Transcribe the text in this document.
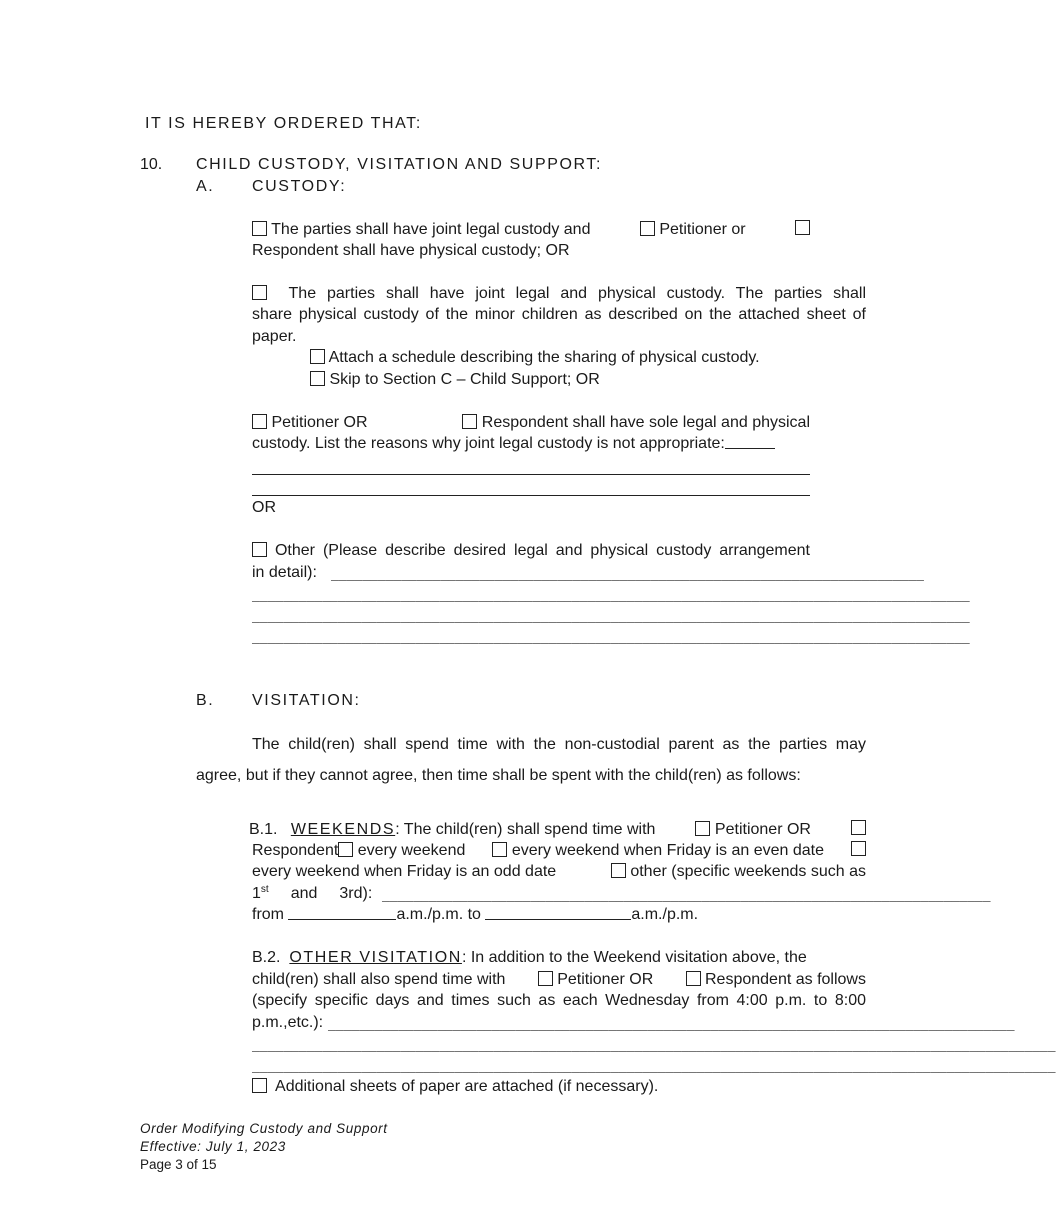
IT IS HEREBY ORDERED THAT:
10. CHILD CUSTODY, VISITATION AND SUPPORT:
A. CUSTODY:
The parties shall have joint legal custody and	Petitioner or
Respondent shall have physical custody; OR
The parties shall have joint legal and physical custody. The parties shall
share physical custody of the minor children as described on the attached sheet of
paper.
Attach a schedule describing the sharing of physical custody.
Skip to Section C – Child Support; OR
Petitioner OR	Respondent shall have sole legal and physical
custody. List the reasons why joint legal custody is not appropriate:
OR
Other (Please describe desired legal and physical custody arrangement
in detail): ____________________________________________________________________________
____________________________________________________________________________________________
____________________________________________________________________________________________
____________________________________________________________________________________________
B. VISITATION:
The child(ren) shall spend time with the non-custodial parent as the parties may
agree, but if they cannot agree, then time shall be spent with the child(ren) as follows:
B.1. WEEKENDS: The child(ren) shall spend time with	Petitioner OR
Respondent every weekend	every weekend when Friday is an even date
every weekend when Friday is an odd date	other (specific weekends such as
1st and 3rd): ______________________________________________________________________________
from	a.m./p.m. to	a.m./p.m.
B.2. OTHER VISITATION: In addition to the Weekend visitation above, the
child(ren) shall also spend time with	Petitioner OR	Respondent as follows
(specify specific days and times such as each Wednesday from 4:00 p.m. to 8:00
p.m.,etc.): ________________________________________________________________________________________
_______________________________________________________________________________________________________
_______________________________________________________________________________________________________
Additional sheets of paper are attached (if necessary).
Order Modifying Custody and Support
Effective: July 1, 2023
Page 3 of 15
